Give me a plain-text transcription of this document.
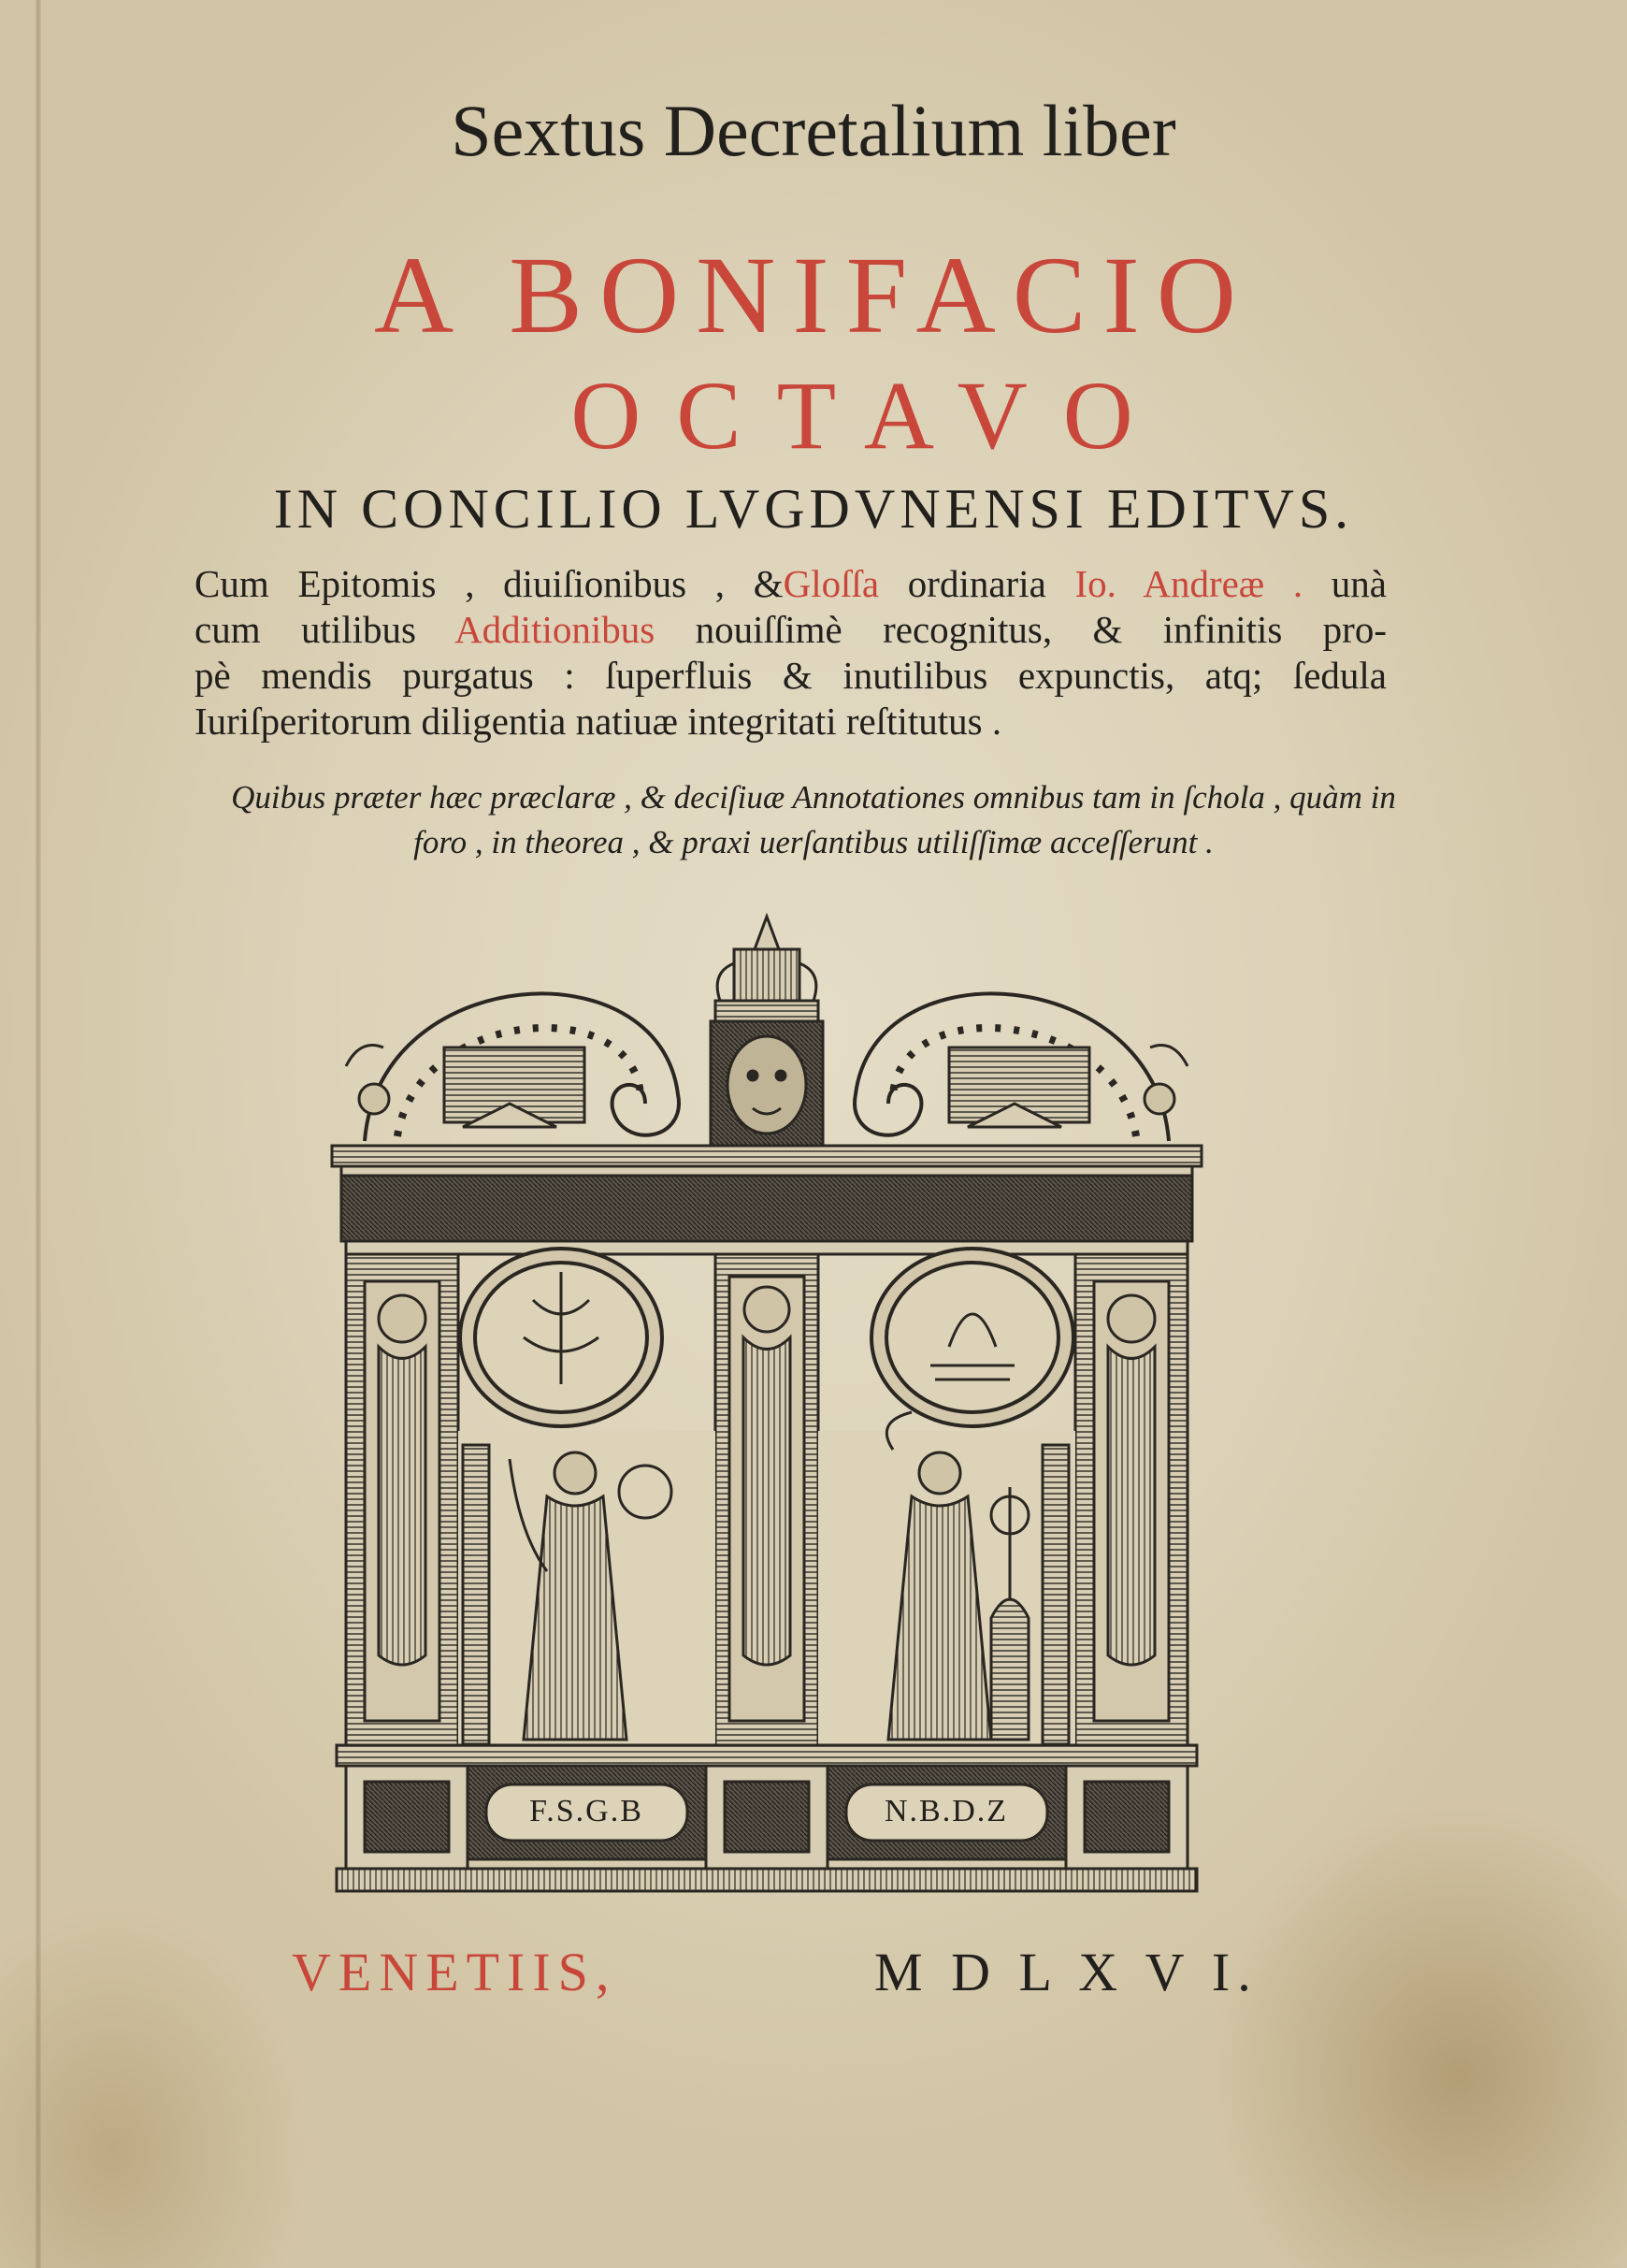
Sextus Decretalium liber
A BONIFACIO
OCTAVO
IN CONCILIO LVGDVNENSI EDITVS.
Cum Epitomis , diuiſionibus , &Gloſſa ordinaria Io. Andreæ . unà
cum utilibus Additionibus nouiſſimè recognitus, & infinitis pro-
pè mendis purgatus : ſuperfluis & inutilibus expunctis, atq; ſedula
Iuriſperitorum diligentia natiuæ integritati reſtitutus .
Quibus præter hæc præclaræ , & deciſiuæ Annotationes omnibus tam in ſchola , quàm in
foro , in theorea , & praxi uerſantibus utiliſſimæ acceſſerunt .
F.S.G.B	N.B.D.Z
VENETIIS,	M D L X V I.
